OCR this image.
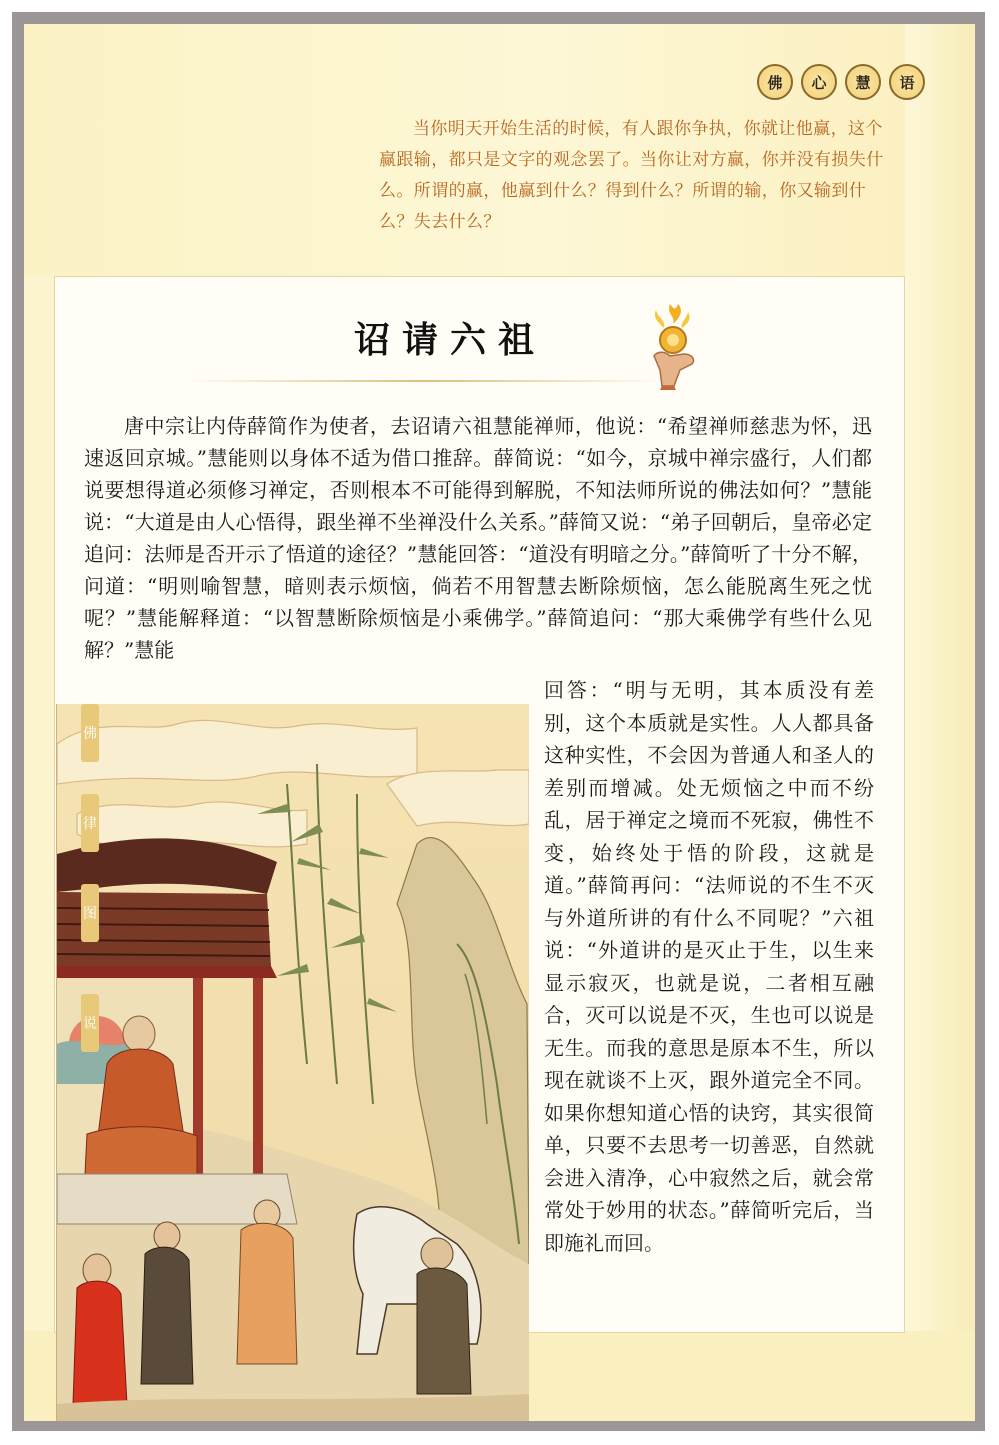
佛	心	慧	语
当你明天开始生活的时候，有人跟你争执，你就让他赢，这个赢跟输，都只是文字的观念罢了。当你让对方赢，你并没有损失什么。所谓的赢，他赢到什么？得到什么？所谓的输，你又输到什么？失去什么？
诏请六祖
唐中宗让内侍薛简作为使者，去诏请六祖慧能禅师，他说：“希望禅师慈悲为怀，迅速返回京城。”慧能则以身体不适为借口推辞。薛简说：“如今，京城中禅宗盛行，人们都说要想得道必须修习禅定，否则根本不可能得到解脱，不知法师所说的佛法如何？”慧能说：“大道是由人心悟得，跟坐禅不坐禅没什么关系。”薛简又说：“弟子回朝后，皇帝必定追问：法师是否开示了悟道的途径？”慧能回答：“道没有明暗之分。”薛简听了十分不解，问道：“明则喻智慧，暗则表示烦恼，倘若不用智慧去断除烦恼，怎么能脱离生死之忧呢？”慧能解释道：“以智慧断除烦恼是小乘佛学。”薛简追问：“那大乘佛学有些什么见解？”慧能
佛
律
图
说
回答：“明与无明，其本质没有差别，这个本质就是实性。人人都具备这种实性，不会因为普通人和圣人的差别而增减。处无烦恼之中而不纷乱，居于禅定之境而不死寂，佛性不变，始终处于悟的阶段，这就是道。”薛简再问：“法师说的不生不灭与外道所讲的有什么不同呢？”六祖说：“外道讲的是灭止于生，以生来显示寂灭，也就是说，二者相互融合，灭可以说是不灭，生也可以说是无生。而我的意思是原本不生，所以现在就谈不上灭，跟外道完全不同。如果你想知道心悟的诀窍，其实很简单，只要不去思考一切善恶，自然就会进入清净，心中寂然之后，就会常常处于妙用的状态。”薛简听完后，当即施礼而回。
